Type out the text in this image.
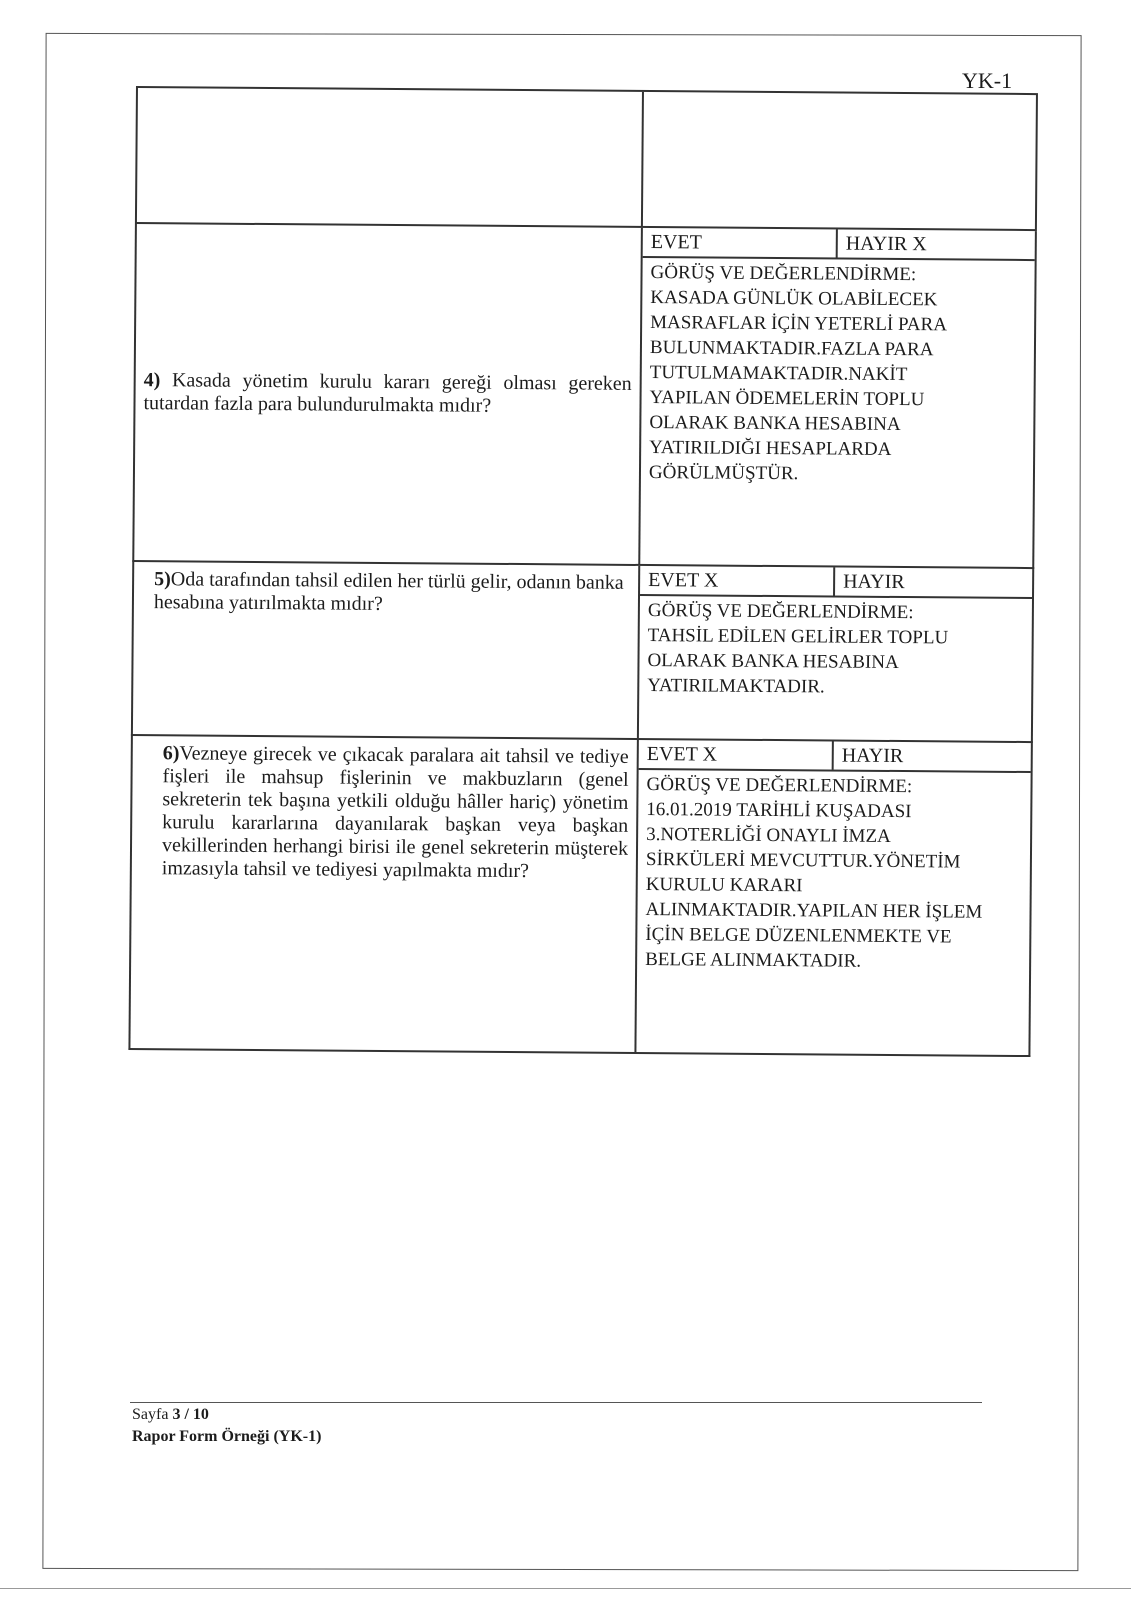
YK-1
4) Kasada yönetim kurulu kararı gereği olması gereken tutardan fazla para bulundurulmakta mıdır?
EVET	HAYIR X
GÖRÜŞ VE DEĞERLENDİRME:
KASADA GÜNLÜK OLABİLECEK
MASRAFLAR İÇİN YETERLİ PARA
BULUNMAKTADIR.FAZLA PARA
TUTULMAMAKTADIR.NAKİT
YAPILAN ÖDEMELERİN TOPLU
OLARAK BANKA HESABINA
YATIRILDIĞI HESAPLARDA
GÖRÜLMÜŞTÜR.
5)Oda tarafından tahsil edilen her türlü gelir, odanın banka hesabına yatırılmakta mıdır?
EVET X	HAYIR
GÖRÜŞ VE DEĞERLENDİRME:
TAHSİL EDİLEN GELİRLER TOPLU
OLARAK BANKA HESABINA
YATIRILMAKTADIR.
6)Vezneye girecek ve çıkacak paralara ait tahsil ve tediye fişleri ile mahsup fişlerinin ve makbuzların (genel sekreterin tek başına yetkili olduğu hâller hariç) yönetim kurulu kararlarına dayanılarak başkan veya başkan vekillerinden herhangi birisi ile genel sekreterin müşterek imzasıyla tahsil ve tediyesi yapılmakta mıdır?
EVET X	HAYIR
GÖRÜŞ VE DEĞERLENDİRME:
16.01.2019 TARİHLİ KUŞADASI
3.NOTERLİĞİ ONAYLI İMZA
SİRKÜLERİ MEVCUTTUR.YÖNETİM
KURULU KARARI
ALINMAKTADIR.YAPILAN HER İŞLEM
İÇİN BELGE DÜZENLENMEKTE VE
BELGE ALINMAKTADIR.
Sayfa 3 / 10
Rapor Form Örneği (YK-1)
